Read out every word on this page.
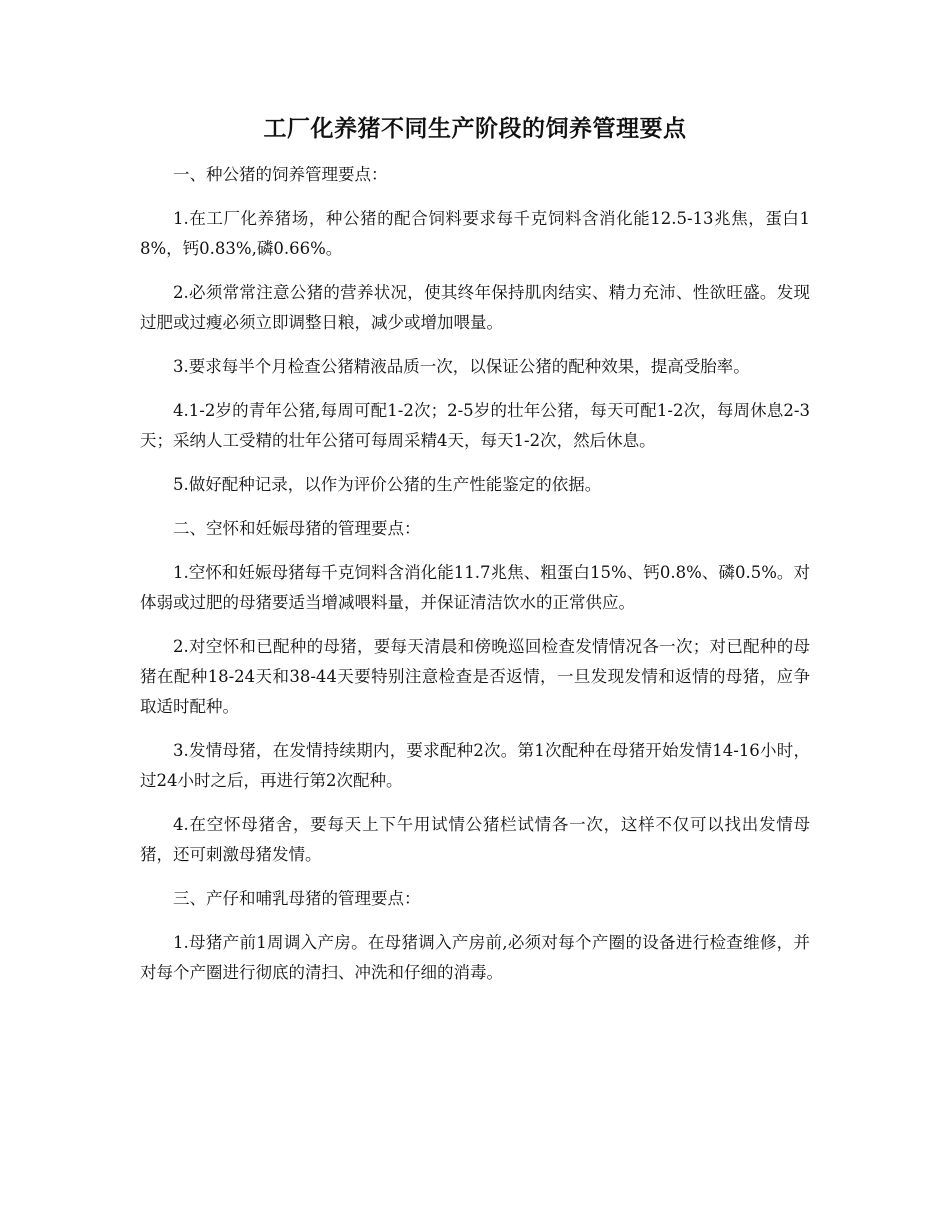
工厂化养猪不同生产阶段的饲养管理要点

一、种公猪的饲养管理要点：

1.在工厂化养猪场，种公猪的配合饲料要求每千克饲料含消化能12.5-13兆焦，蛋白18%，钙0.83%,磷0.66%。

2.必须常常注意公猪的营养状况，使其终年保持肌肉结实、精力充沛、性欲旺盛。发现过肥或过瘦必须立即调整日粮，减少或增加喂量。

3.要求每半个月检查公猪精液品质一次，以保证公猪的配种效果，提高受胎率。

4.1-2岁的青年公猪,每周可配1-2次；2-5岁的壮年公猪，每天可配1-2次，每周休息2-3天；采纳人工受精的壮年公猪可每周采精4天，每天1-2次，然后休息。

5.做好配种记录，以作为评价公猪的生产性能鉴定的依据。

二、空怀和妊娠母猪的管理要点：

1.空怀和妊娠母猪每千克饲料含消化能11.7兆焦、粗蛋白15%、钙0.8%、磷0.5%。对体弱或过肥的母猪要适当增减喂料量，并保证清洁饮水的正常供应。

2.对空怀和已配种的母猪，要每天清晨和傍晚巡回检查发情情况各一次；对已配种的母猪在配种18-24天和38-44天要特别注意检查是否返情，一旦发现发情和返情的母猪，应争取适时配种。

3.发情母猪，在发情持续期内，要求配种2次。第1次配种在母猪开始发情14-16小时，过24小时之后，再进行第2次配种。

4.在空怀母猪舍，要每天上下午用试情公猪栏试情各一次，这样不仅可以找出发情母猪，还可刺激母猪发情。

三、产仔和哺乳母猪的管理要点：

1.母猪产前1周调入产房。在母猪调入产房前,必须对每个产圈的设备进行检查维修，并对每个产圈进行彻底的清扫、冲洗和仔细的消毒。
